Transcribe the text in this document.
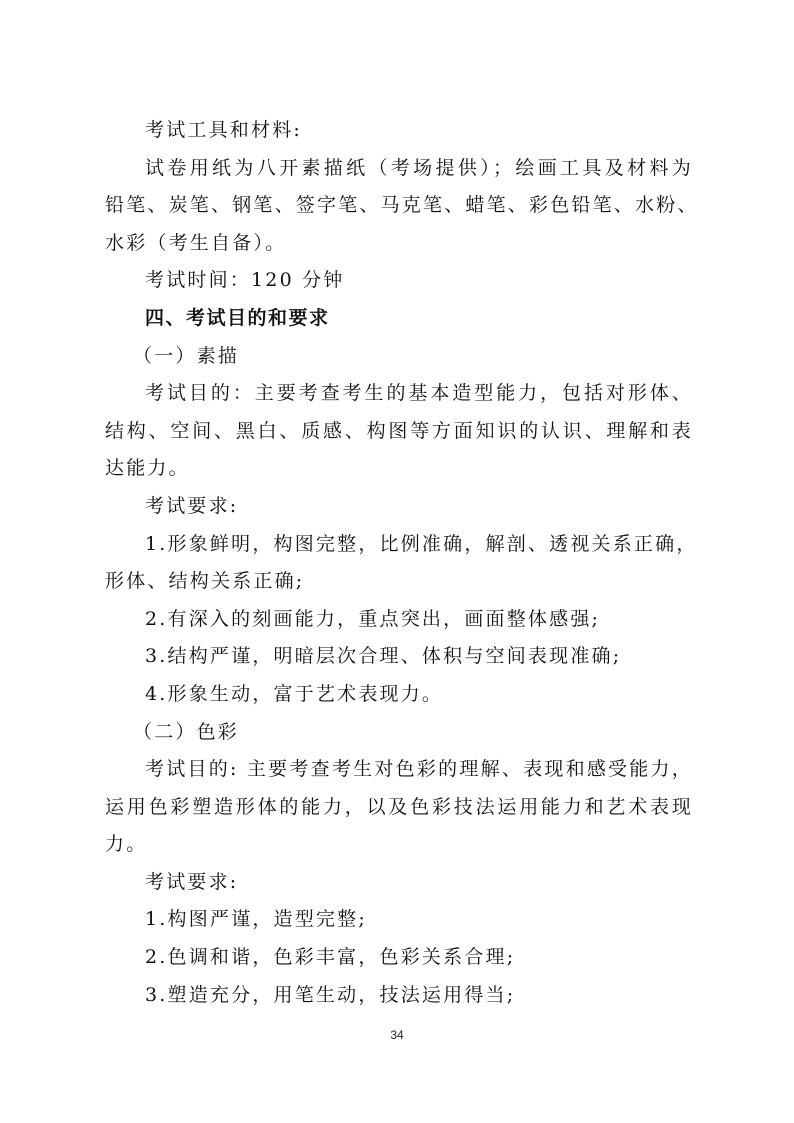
考试工具和材料:
试卷用纸为八开素描纸（考场提供）；绘画工具及材料为
铅笔、炭笔、钢笔、签字笔、马克笔、蜡笔、彩色铅笔、水粉、
水彩（考生自备）。
考试时间：120 分钟
四、考试目的和要求
（一）素描
考试目的：主要考查考生的基本造型能力，包括对形体、
结构、空间、黑白、质感、构图等方面知识的认识、理解和表
达能力。
考试要求:
1.形象鲜明，构图完整，比例准确，解剖、透视关系正确，
形体、结构关系正确;
2.有深入的刻画能力，重点突出，画面整体感强;
3.结构严谨，明暗层次合理、体积与空间表现准确;
4.形象生动，富于艺术表现力。
（二）色彩
考试目的: 主要考查考生对色彩的理解、表现和感受能力，
运用色彩塑造形体的能力，以及色彩技法运用能力和艺术表现
力。
考试要求:
1.构图严谨，造型完整;
2.色调和谐，色彩丰富，色彩关系合理;
3.塑造充分，用笔生动，技法运用得当;
34
